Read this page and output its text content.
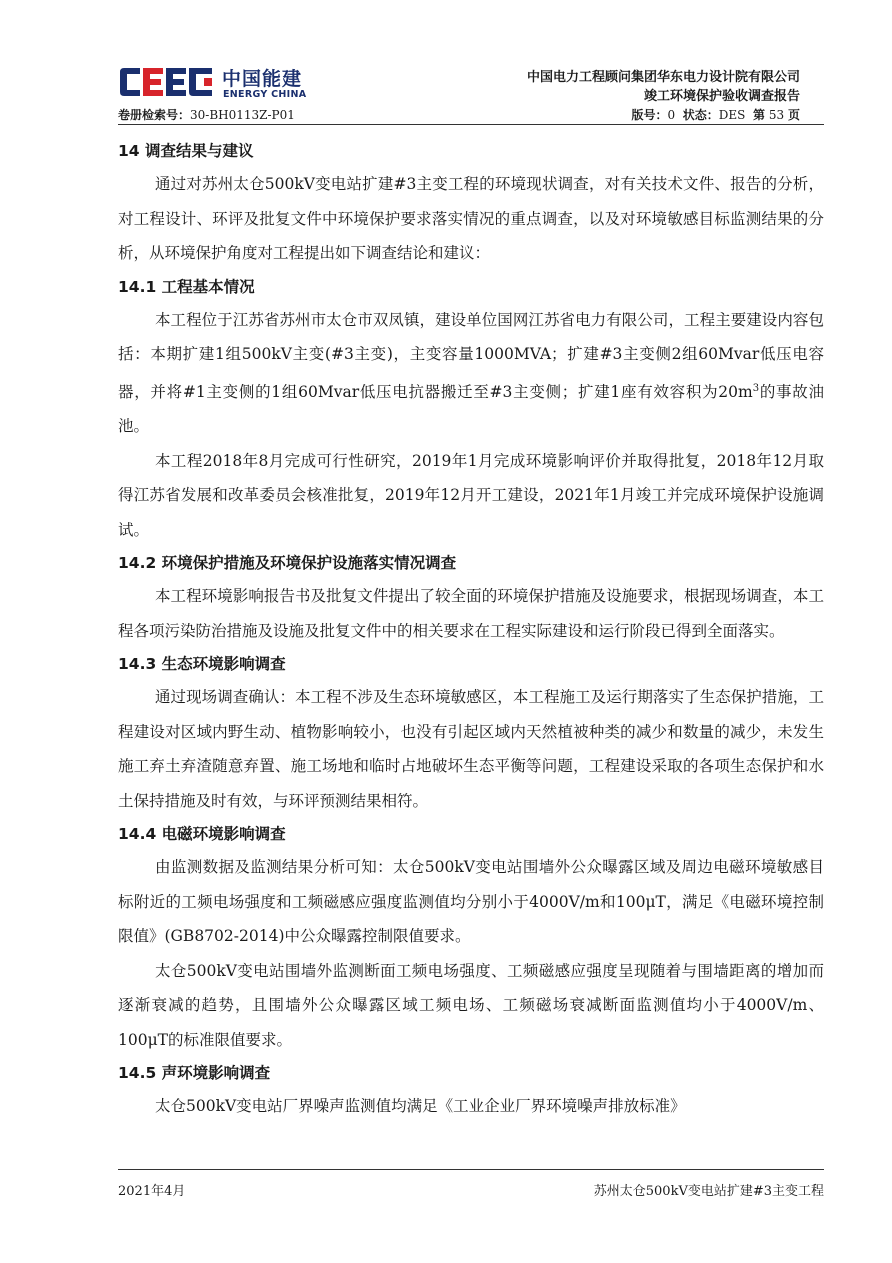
中国能建
ENERGY CHINA
中国电力工程顾问集团华东电力设计院有限公司
竣工环境保护验收调查报告
卷册检索号：30-BH0113Z-P01	版号：0 状态：DES 第 53 页
14 调查结果与建议

通过对苏州太仓500kV变电站扩建#3主变工程的环境现状调查，对有关技术文件、报告的分析，对工程设计、环评及批复文件中环境保护要求落实情况的重点调查，以及对环境敏感目标监测结果的分析，从环境保护角度对工程提出如下调查结论和建议：

14.1 工程基本情况

本工程位于江苏省苏州市太仓市双凤镇，建设单位国网江苏省电力有限公司，工程主要建设内容包括：本期扩建1组500kV主变(#3主变)，主变容量1000MVA；扩建#3主变侧2组60Mvar低压电容器，并将#1主变侧的1组60Mvar低压电抗器搬迁至#3主变侧；扩建1座有效容积为$20m^3$的事故油池。

本工程2018年8月完成可行性研究，2019年1月完成环境影响评价并取得批复，2018年12月取得江苏省发展和改革委员会核准批复，2019年12月开工建设，2021年1月竣工并完成环境保护设施调试。

14.2 环境保护措施及环境保护设施落实情况调查

本工程环境影响报告书及批复文件提出了较全面的环境保护措施及设施要求，根据现场调查，本工程各项污染防治措施及设施及批复文件中的相关要求在工程实际建设和运行阶段已得到全面落实。

14.3 生态环境影响调查

通过现场调查确认：本工程不涉及生态环境敏感区，本工程施工及运行期落实了生态保护措施，工程建设对区域内野生动、植物影响较小，也没有引起区域内天然植被种类的减少和数量的减少，未发生施工弃土弃渣随意弃置、施工场地和临时占地破坏生态平衡等问题，工程建设采取的各项生态保护和水土保持措施及时有效，与环评预测结果相符。

14.4 电磁环境影响调查

由监测数据及监测结果分析可知：太仓500kV变电站围墙外公众曝露区域及周边电磁环境敏感目标附近的工频电场强度和工频磁感应强度监测值均分别小于4000V/m和100μT，满足《电磁环境控制限值》(GB8702-2014)中公众曝露控制限值要求。

太仓500kV变电站围墙外监测断面工频电场强度、工频磁感应强度呈现随着与围墙距离的增加而逐渐衰减的趋势，且围墙外公众曝露区域工频电场、工频磁场衰减断面监测值均小于4000V/m、100μT的标准限值要求。

14.5 声环境影响调查

太仓500kV变电站厂界噪声监测值均满足《工业企业厂界环境噪声排放标准》

2021年4月	苏州太仓500kV变电站扩建#3主变工程
